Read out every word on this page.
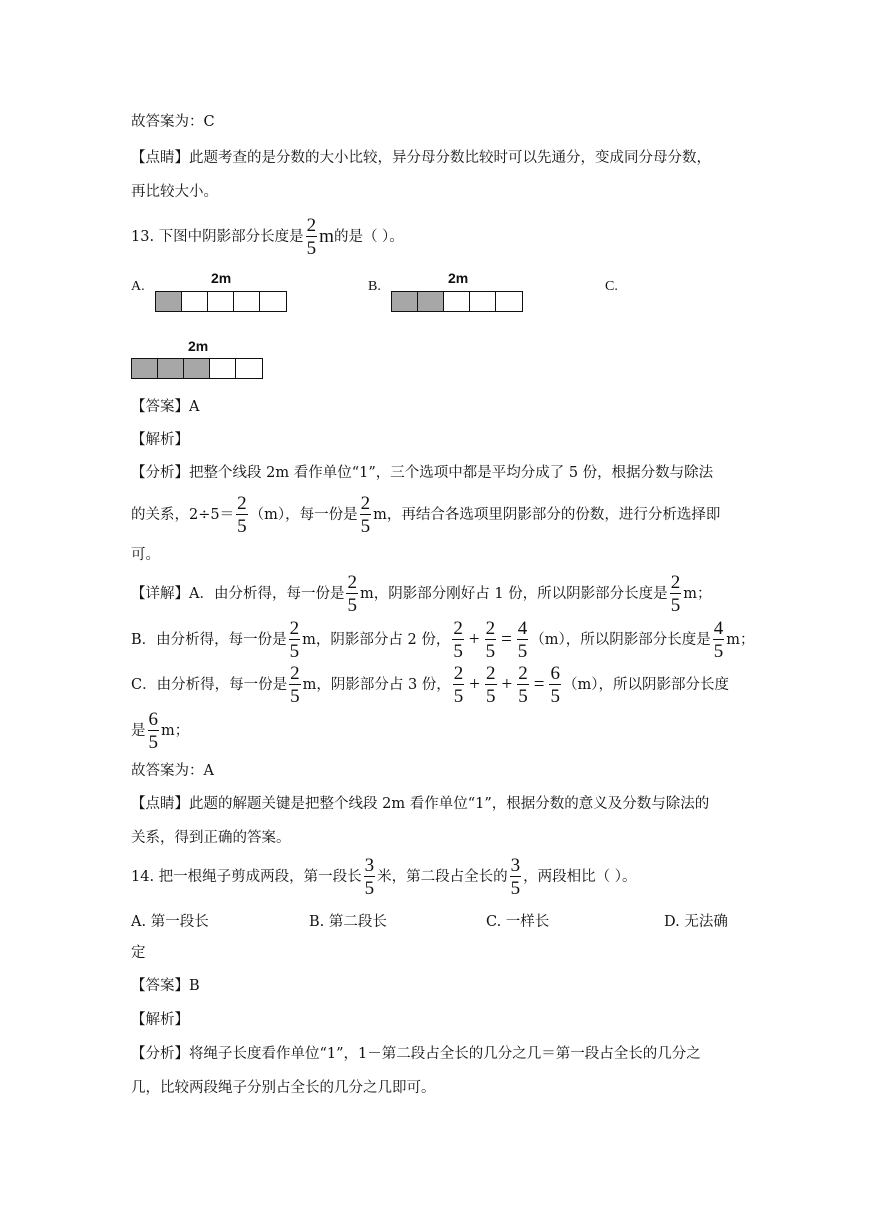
故答案为：C
【点睛】此题考查的是分数的大小比较，异分母分数比较时可以先通分，变成同分母分数，
再比较大小。
13. 下图中阴影部分长度是 $\frac{2}{5}$ m的是（ ）。
A.
2m
B.
2m
C.
2m
【答案】A
【解析】
【分析】把整个线段 2m 看作单位“1”，三个选项中都是平均分成了 5 份，根据分数与除法
的关系，$2\div 5= \frac{2}{5} (m)$，每一份是 $\frac{2}{5}$ m，再结合各选项里阴影部分的份数，进行分析选择即
可。
【详解】A．由分析得，每一份是 $\frac{2}{5}$ m，阴影部分刚好占 1 份，所以阴影部分长度是 $\frac{2}{5}$ m；
B．由分析得，每一份是 $\frac{2}{5}$ m，阴影部分占 2 份， $\frac{2}{5} + \frac{2}{5} = \frac{4}{5} (m)$，所以阴影部分长度是 $\frac{4}{5}$ m；
C．由分析得，每一份是 $\frac{2}{5}$ m，阴影部分占 3 份， $\frac{2}{5} + \frac{2}{5} + \frac{2}{5} = \frac{6}{5} (m)$，所以阴影部分长度
是 $\frac{6}{5}$ m；
故答案为：A
【点睛】此题的解题关键是把整个线段 2m 看作单位“1”，根据分数的意义及分数与除法的
关系，得到正确的答案。
14. 把一根绳子剪成两段，第一段长 $\frac{3}{5}$ 米，第二段占全长的 $\frac{3}{5}$ ，两段相比（ ）。
A. 第一段长	B. 第二段长	C. 一样长	D. 无法确
定
【答案】B
【解析】
【分析】将绳子长度看作单位“1”，1－第二段占全长的几分之几＝第一段占全长的几分之
几，比较两段绳子分别占全长的几分之几即可。
